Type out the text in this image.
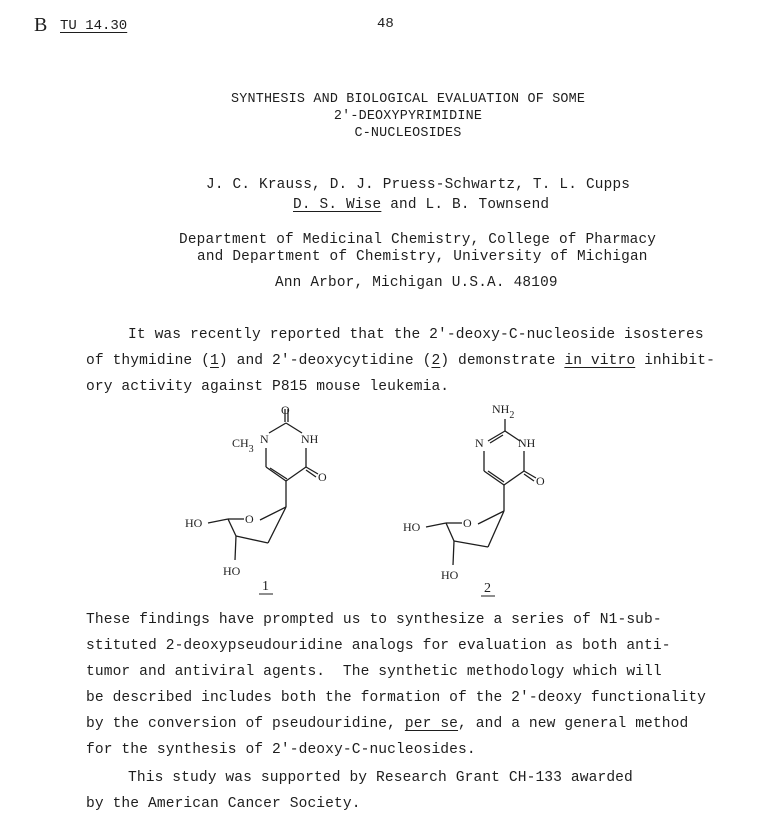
B TU 14.30	48
SYNTHESIS AND BIOLOGICAL EVALUATION OF SOME
2'-DEOXYPYRIMIDINE
C-NUCLEOSIDES
J. C. Krauss, D. J. Pruess-Schwartz, T. L. Cupps
D. S. Wise and L. B. Townsend
Department of Medicinal Chemistry, College of Pharmacy
and Department of Chemistry, University of Michigan
Ann Arbor, Michigan U.S.A. 48109
It was recently reported that the 2'-deoxy-C-nucleoside isosteres
of thymidine (1) and 2'-deoxycytidine (2) demonstrate in vitro inhibit-
ory activity against P815 mouse leukemia.
O
$CH_3$
N	NH
O
O
HO
HO
1
$NH_2$
N	NH
O
O
HO
HO
2
These findings have prompted us to synthesize a series of N1-sub-
stituted 2-deoxypseudouridine analogs for evaluation as both anti-
tumor and antiviral agents.  The synthetic methodology which will
be described includes both the formation of the 2'-deoxy functionality
by the conversion of pseudouridine, per se, and a new general method
for the synthesis of 2'-deoxy-C-nucleosides.
This study was supported by Research Grant CH-133 awarded
by the American Cancer Society.
